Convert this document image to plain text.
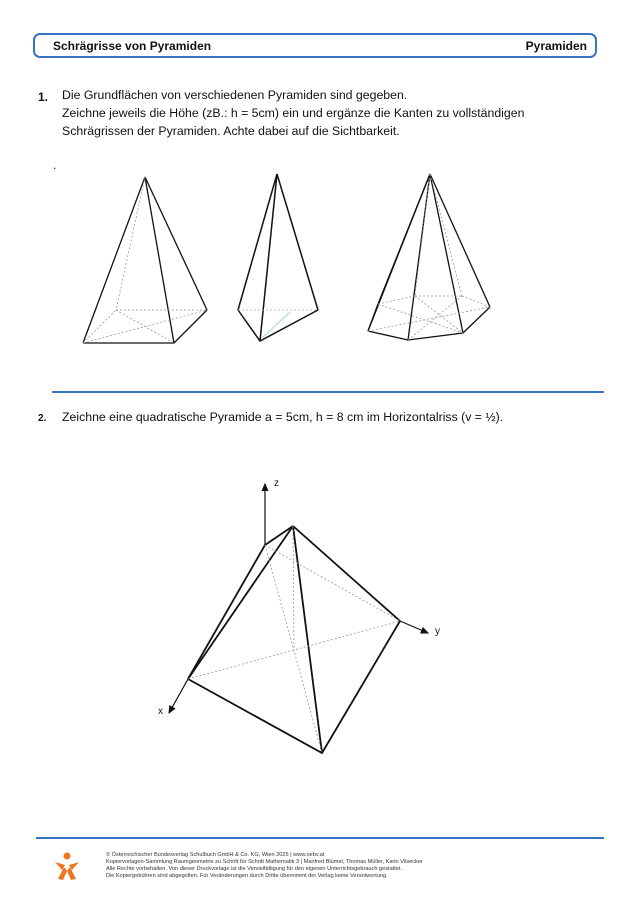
Schrägrisse von Pyramiden	Pyramiden
1. Die Grundflächen von verschiedenen Pyramiden sind gegeben.
Zeichne jeweils die Höhe (zB.: h = 5cm) ein und ergänze die Kanten zu vollständigen
Schrägrissen der Pyramiden. Achte dabei auf die Sichtbarkeit.
.
2. Zeichne eine quadratische Pyramide a = 5cm, h = 8 cm im Horizontalriss (v = ½).
z
y
x
© Österreichischer Bundesverlag Schulbuch GmbH & Co. KG, Wien 2025 | www.oebv.at
Kopiervorlagen-Sammlung Raumgeometrie zu Schritt für Schritt Mathematik 3 | Manfred Blümel, Thomas Müller, Karin Vilsecker
Alle Rechte vorbehalten. Von dieser Druckvorlage ist die Vervielfältigung für den eigenen Unterrichtsgebrauch gestattet.
Die Kopiergebühren sind abgegolten. Für Veränderungen durch Dritte übernimmt der Verlag keine Verantwortung.
